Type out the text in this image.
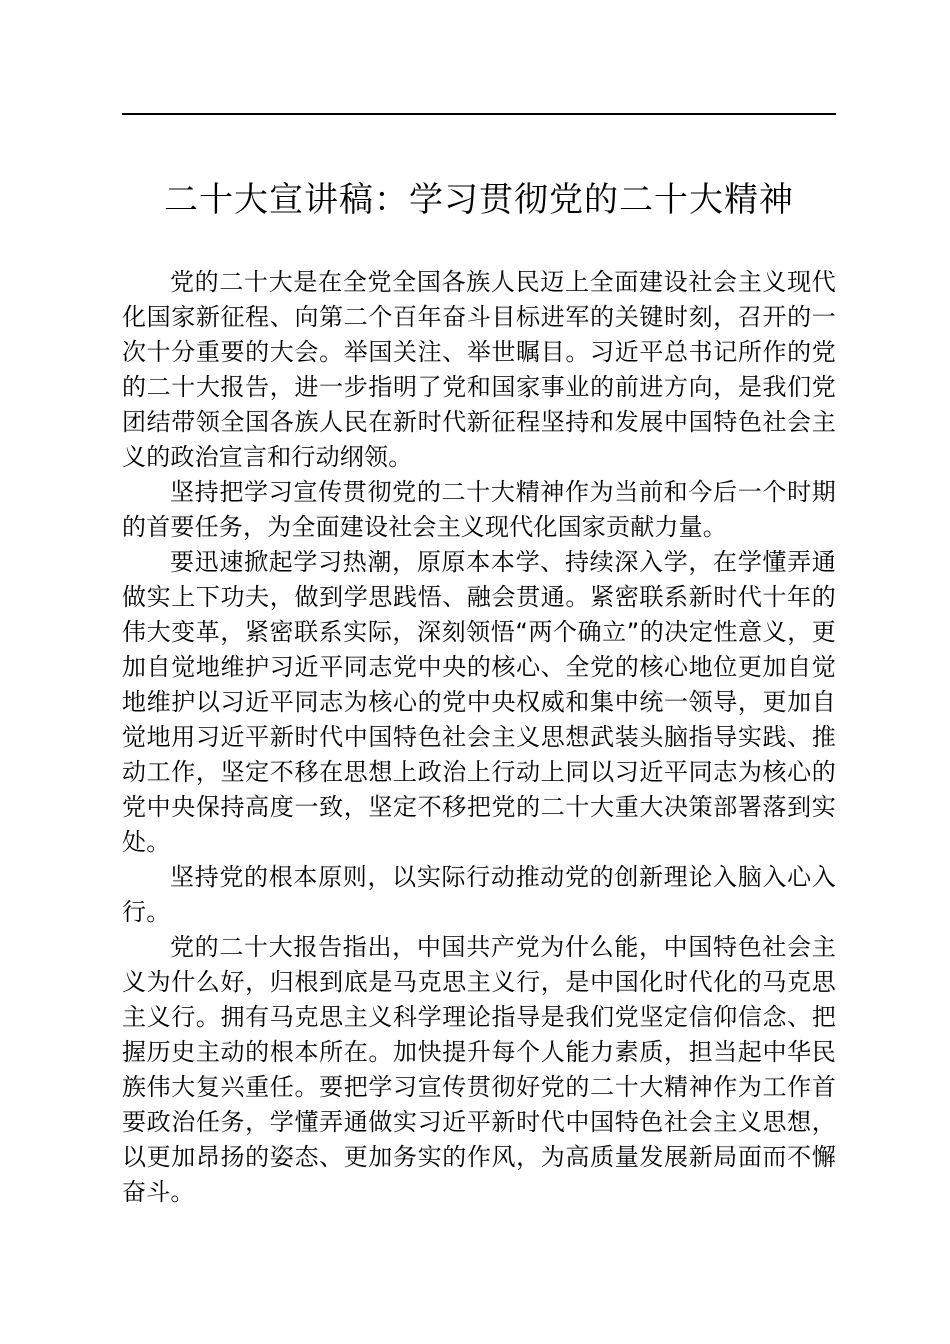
二十大宣讲稿：学习贯彻党的二十大精神

党的二十大是在全党全国各族人民迈上全面建设社会主义现代化国家新征程、向第二个百年奋斗目标进军的关键时刻，召开的一次十分重要的大会。举国关注、举世瞩目。习近平总书记所作的党的二十大报告，进一步指明了党和国家事业的前进方向，是我们党团结带领全国各族人民在新时代新征程坚持和发展中国特色社会主义的政治宣言和行动纲领。

坚持把学习宣传贯彻党的二十大精神作为当前和今后一个时期的首要任务，为全面建设社会主义现代化国家贡献力量。

要迅速掀起学习热潮，原原本本学、持续深入学，在学懂弄通做实上下功夫，做到学思践悟、融会贯通。紧密联系新时代十年的伟大变革，紧密联系实际，深刻领悟“两个确立”的决定性意义，更加自觉地维护习近平同志党中央的核心、全党的核心地位更加自觉地维护以习近平同志为核心的党中央权威和集中统一领导，更加自觉地用习近平新时代中国特色社会主义思想武装头脑指导实践、推动工作，坚定不移在思想上政治上行动上同以习近平同志为核心的党中央保持高度一致，坚定不移把党的二十大重大决策部署落到实处。

坚持党的根本原则，以实际行动推动党的创新理论入脑入心入行。

党的二十大报告指出，中国共产党为什么能，中国特色社会主义为什么好，归根到底是马克思主义行，是中国化时代化的马克思主义行。拥有马克思主义科学理论指导是我们党坚定信仰信念、把握历史主动的根本所在。加快提升每个人能力素质，担当起中华民族伟大复兴重任。要把学习宣传贯彻好党的二十大精神作为工作首要政治任务，学懂弄通做实习近平新时代中国特色社会主义思想，以更加昂扬的姿态、更加务实的作风，为高质量发展新局面而不懈奋斗。
